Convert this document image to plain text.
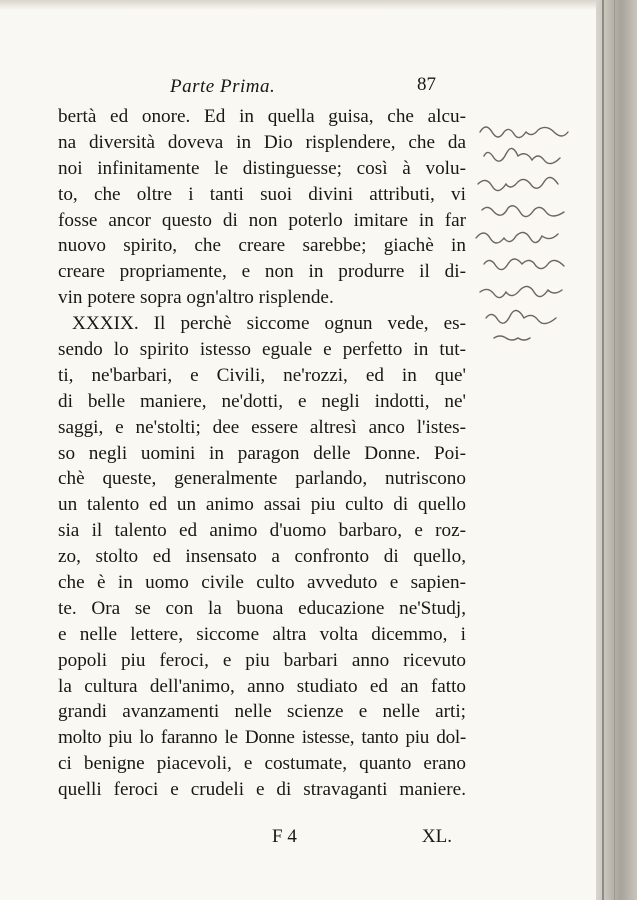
Parte Prima.	87
bertà ed onore. Ed in quella guisa, che alcu-
na diversità doveva in Dio risplendere, che da
noi infinitamente le distinguesse; così à volu-
to, che oltre i tanti suoi divini attributi, vi
fosse ancor questo di non poterlo imitare in far
nuovo spirito, che creare sarebbe; giachè in
creare propriamente, e non in produrre il di-
vin potere sopra ogn'altro risplende.
XXXIX. Il perchè siccome ognun vede, es-
sendo lo spirito istesso eguale e perfetto in tut-
ti, ne'barbari, e Civili, ne'rozzi, ed in que'
di belle maniere, ne'dotti, e negli indotti, ne'
saggi, e ne'stolti; dee essere altresì anco l'istes-
so negli uomini in paragon delle Donne. Poi-
chè queste, generalmente parlando, nutriscono
un talento ed un animo assai piu culto di quello
sia il talento ed animo d'uomo barbaro, e roz-
zo, stolto ed insensato a confronto di quello,
che è in uomo civile culto avveduto e sapien-
te. Ora se con la buona educazione ne'Studj,
e nelle lettere, siccome altra volta dicemmo, i
popoli piu feroci, e piu barbari anno ricevuto
la cultura dell'animo, anno studiato ed an fatto
grandi avanzamenti nelle scienze e nelle arti;
molto piu lo faranno le Donne istesse, tanto piu dol-
ci benigne piacevoli, e costumate, quanto erano
quelli feroci e crudeli e di stravaganti maniere.
F 4	XL.
